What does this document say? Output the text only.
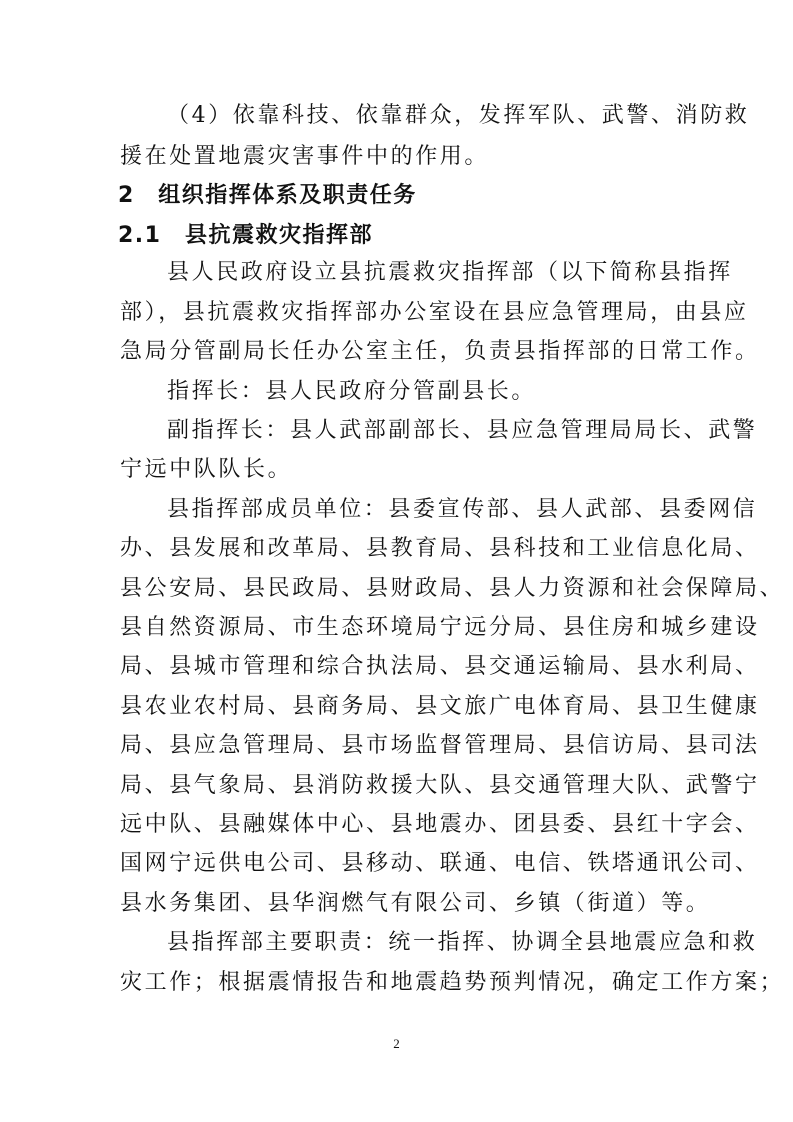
（4）依靠科技、依靠群众，发挥军队、武警、消防救
援在处置地震灾害事件中的作用。
2　组织指挥体系及职责任务
2.1　县抗震救灾指挥部
县人民政府设立县抗震救灾指挥部（以下简称县指挥
部），县抗震救灾指挥部办公室设在县应急管理局，由县应
急局分管副局长任办公室主任，负责县指挥部的日常工作。
指挥长：县人民政府分管副县长。
副指挥长：县人武部副部长、县应急管理局局长、武警
宁远中队队长。
县指挥部成员单位：县委宣传部、县人武部、县委网信
办、县发展和改革局、县教育局、县科技和工业信息化局、
县公安局、县民政局、县财政局、县人力资源和社会保障局、
县自然资源局、市生态环境局宁远分局、县住房和城乡建设
局、县城市管理和综合执法局、县交通运输局、县水利局、
县农业农村局、县商务局、县文旅广电体育局、县卫生健康
局、县应急管理局、县市场监督管理局、县信访局、县司法
局、县气象局、县消防救援大队、县交通管理大队、武警宁
远中队、县融媒体中心、县地震办、团县委、县红十字会、
国网宁远供电公司、县移动、联通、电信、铁塔通讯公司、
县水务集团、县华润燃气有限公司、乡镇（街道）等。
县指挥部主要职责：统一指挥、协调全县地震应急和救
灾工作；根据震情报告和地震趋势预判情况，确定工作方案；
2
